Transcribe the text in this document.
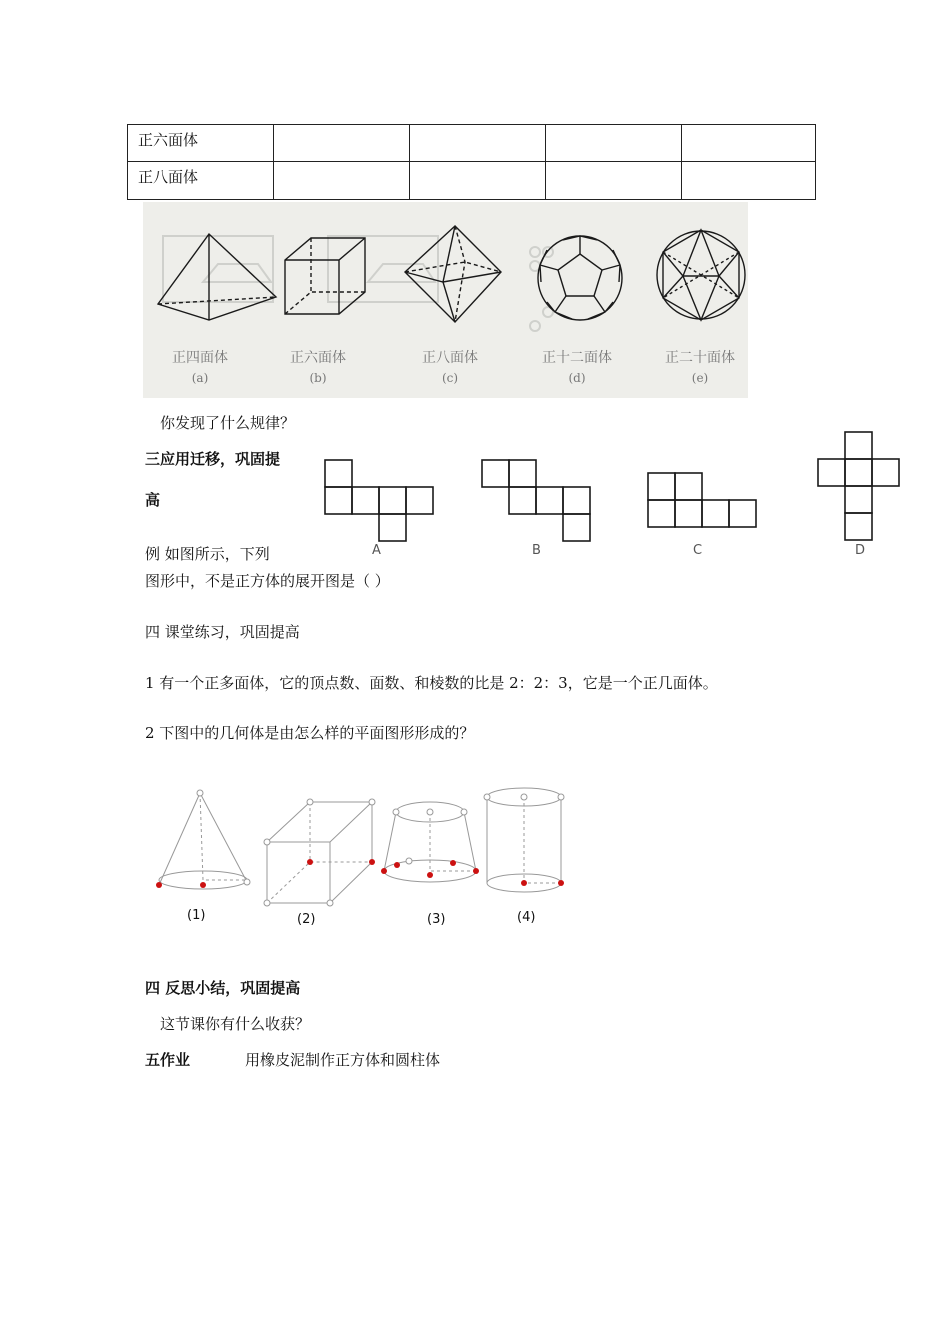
正六面体				
正八面体				
正四面体
(a)
正六面体
(b)
正八面体
(c)
正十二面体
(d)
正二十面体
(e)
你发现了什么规律？
三应用迁移，巩固提
高
例 如图所示，下列
图形中，不是正方体的展开图是（ ）
A	B	C	D
四 课堂练习，巩固提高
1 有一个正多面体，它的顶点数、面数、和棱数的比是 2：2：3，它是一个正几面体。
2 下图中的几何体是由怎么样的平面图形形成的？
(1)	(2)	(3)	(4)
四 反思小结，巩固提高
这节课你有什么收获？
五作业	用橡皮泥制作正方体和圆柱体
